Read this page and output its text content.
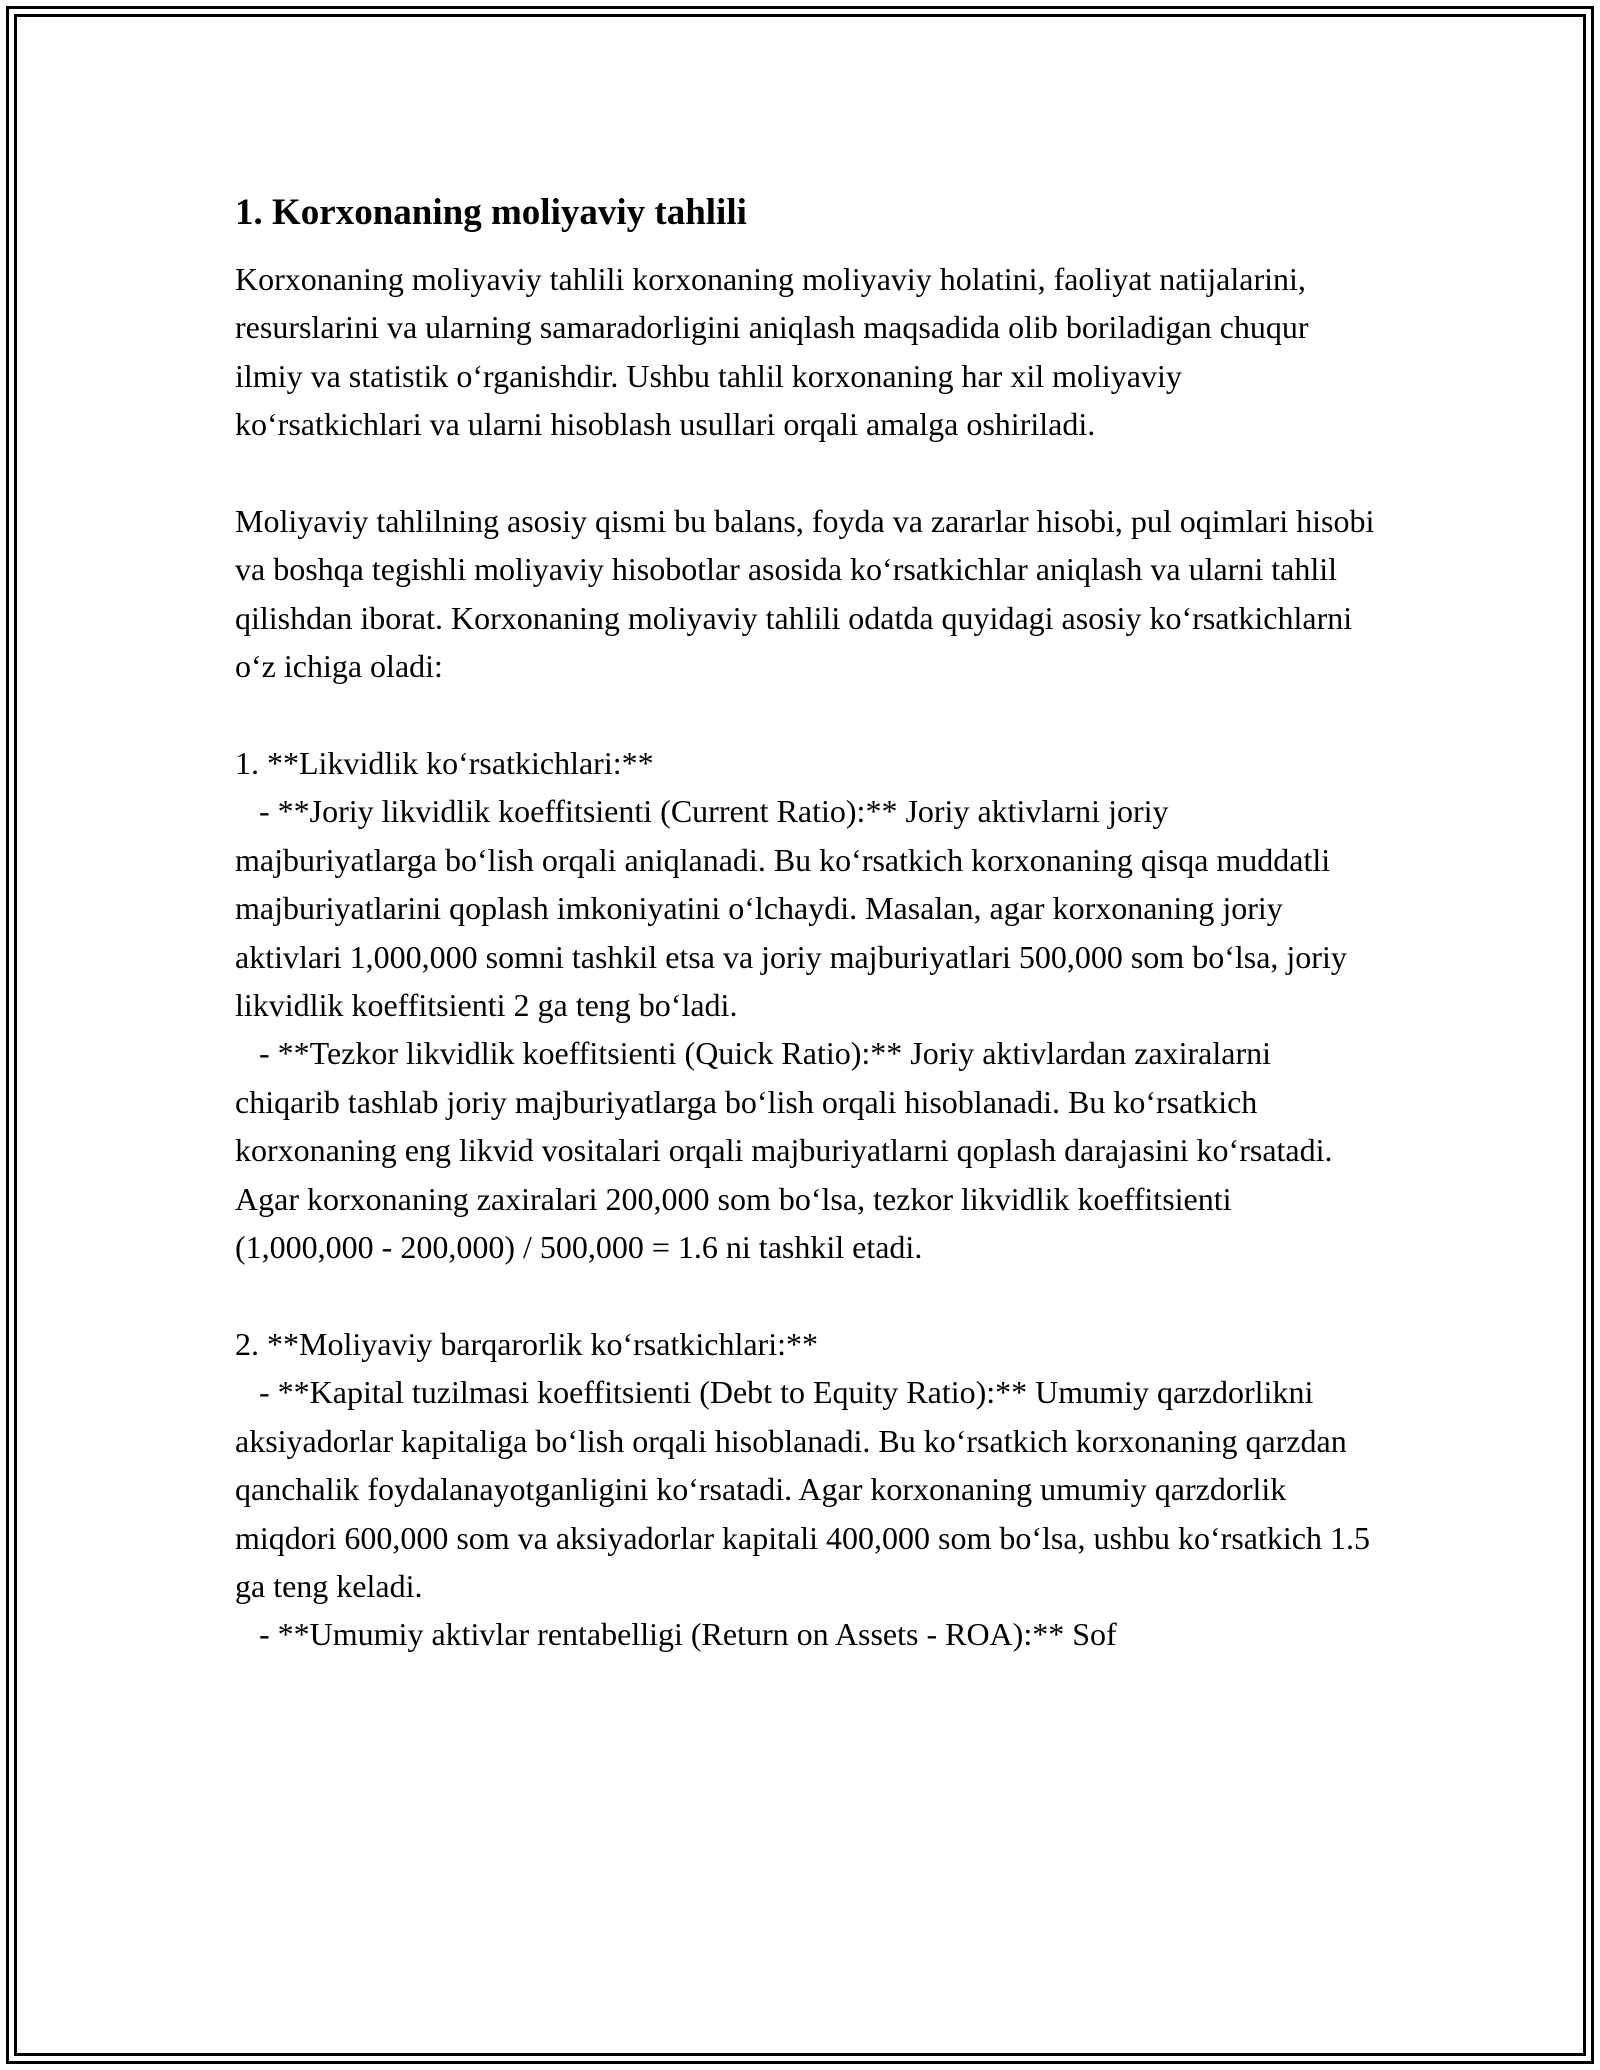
1. Korxonaning moliyaviy tahlili

Korxonaning moliyaviy tahlili korxonaning moliyaviy holatini, faoliyat natijalarini, resurslarini va ularning samaradorligini aniqlash maqsadida olib boriladigan chuqur ilmiy va statistik oʻrganishdir. Ushbu tahlil korxonaning har xil moliyaviy koʻrsatkichlari va ularni hisoblash usullari orqali amalga oshiriladi.

Moliyaviy tahlilning asosiy qismi bu balans, foyda va zararlar hisobi, pul oqimlari hisobi va boshqa tegishli moliyaviy hisobotlar asosida koʻrsatkichlar aniqlash va ularni tahlil qilishdan iborat. Korxonaning moliyaviy tahlili odatda quyidagi asosiy koʻrsatkichlarni oʻz ichiga oladi:

1. **Likvidlik koʻrsatkichlari:**
- **Joriy likvidlik koeffitsienti (Current Ratio):** Joriy aktivlarni joriy majburiyatlarga boʻlish orqali aniqlanadi. Bu koʻrsatkich korxonaning qisqa muddatli majburiyatlarini qoplash imkoniyatini oʻlchaydi. Masalan, agar korxonaning joriy aktivlari 1,000,000 somni tashkil etsa va joriy majburiyatlari 500,000 som boʻlsa, joriy likvidlik koeffitsienti 2 ga teng boʻladi.
- **Tezkor likvidlik koeffitsienti (Quick Ratio):** Joriy aktivlardan zaxiralarni chiqarib tashlab joriy majburiyatlarga boʻlish orqali hisoblanadi. Bu koʻrsatkich korxonaning eng likvid vositalari orqali majburiyatlarni qoplash darajasini koʻrsatadi. Agar korxonaning zaxiralari 200,000 som boʻlsa, tezkor likvidlik koeffitsienti (1,000,000 - 200,000) / 500,000 = 1.6 ni tashkil etadi.

2. **Moliyaviy barqarorlik koʻrsatkichlari:**
- **Kapital tuzilmasi koeffitsienti (Debt to Equity Ratio):** Umumiy qarzdorlikni aksiyadorlar kapitaliga boʻlish orqali hisoblanadi. Bu koʻrsatkich korxonaning qarzdan qanchalik foydalanayotganligini koʻrsatadi. Agar korxonaning umumiy qarzdorlik miqdori 600,000 som va aksiyadorlar kapitali 400,000 som boʻlsa, ushbu koʻrsatkich 1.5 ga teng keladi.
- **Umumiy aktivlar rentabelligi (Return on Assets - ROA):** Sof
